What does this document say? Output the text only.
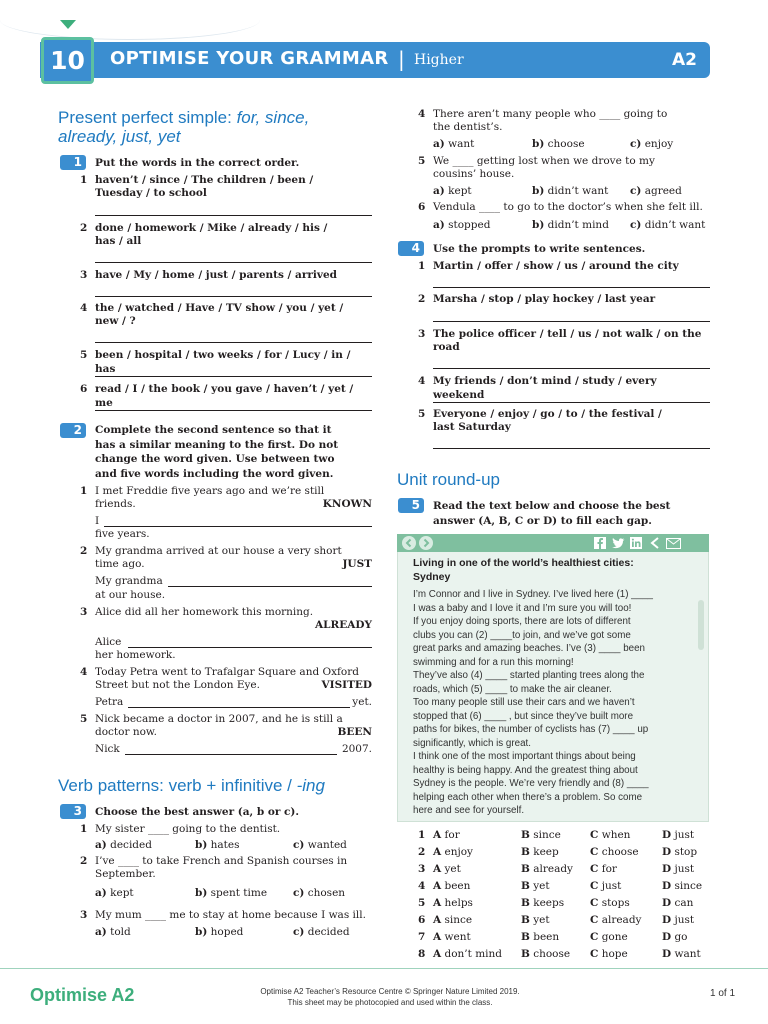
10	OPTIMISE YOUR GRAMMAR | Higher	A2
Present perfect simple: for, since,
already, just, yet
1	Put the words in the correct order.
1 haven’t / since / The children / been /
Tuesday / to school
2 done / homework / Mike / already / his /
has / all
3 have / My / home / just / parents / arrived
4 the / watched / Have / TV show / you / yet /
new / ?
5 been / hospital / two weeks / for / Lucy / in / has
6 read / I / the book / you gave / haven’t / yet / me
2	Complete the second sentence so that it
has a similar meaning to the first. Do not
change the word given. Use between two
and five words including the word given.
1 I met Freddie five years ago and we’re still
friends.	KNOWN
I
five years.
2 My grandma arrived at our house a very short
time ago.	JUST
My grandma
at our house.
3 Alice did all her homework this morning.
ALREADY
Alice
her homework.
4 Today Petra went to Trafalgar Square and Oxford
Street but not the London Eye.	VISITED
Petra	yet.
5 Nick became a doctor in 2007, and he is still a
doctor now.	BEEN
Nick	2007.
Verb patterns: verb + infinitive / -ing
3	Choose the best answer (a, b or c).
1 My sister ____ going to the dentist.
a) decided	b) hates	c) wanted
2 I’ve ____ to take French and Spanish courses in
September.
a) kept	b) spent time c) chosen
3 My mum ____ me to stay at home because I was ill.
a) told	b) hoped	c) decided
4 There aren’t many people who ____ going to
the dentist’s.
a) want	b) choose	c) enjoy
5 We ____ getting lost when we drove to my
cousins’ house.
a) kept	b) didn’t want c) agreed
6 Vendula ____ to go to the doctor’s when she felt ill.
a) stopped	b) didn’t mind c) didn’t want
4	Use the prompts to write sentences.
1 Martin / offer / show / us / around the city
2 Marsha / stop / play hockey / last year
3 The police officer / tell / us / not walk / on the
road
4 My friends / don’t mind / study / every weekend
5 Everyone / enjoy / go / to / the festival /
last Saturday
Unit round-up
5	Read the text below and choose the best
answer (A, B, C or D) to fill each gap.
Living in one of the world’s healthiest cities:
Sydney
I’m Connor and I live in Sydney. I’ve lived here (1) ____
I was a baby and I love it and I’m sure you will too!
If you enjoy doing sports, there are lots of different
clubs you can (2) ____to join, and we’ve got some
great parks and amazing beaches. I’ve (3) ____ been
swimming and for a run this morning!
They’ve also (4) ____ started planting trees along the
roads, which (5) ____ to make the air cleaner.
Too many people still use their cars and we haven’t
stopped that (6) ____ , but since they’ve built more
paths for bikes, the number of cyclists has (7) ____ up
significantly, which is great.
I think one of the most important things about being
healthy is being happy. And the greatest thing about
Sydney is the people. We’re very friendly and (8) ____
helping each other when there’s a problem. So come
here and see for yourself.
1 A for	B since	C when	D just
2 A enjoy	B keep	C choose D stop
3 A yet	B already C for	D just
4 A been	B yet	C just	D since
5 A helps	B keeps C stops	D can
6 A since	B yet	C already D just
7 A went	B been	C gone	D go
8 A don’t mind B choose C hope	D want
Optimise A2	Optimise A2 Teacher’s Resource Centre © Springer Nature Limited 2019.
This sheet may be photocopied and used within the class.
1 of 1
